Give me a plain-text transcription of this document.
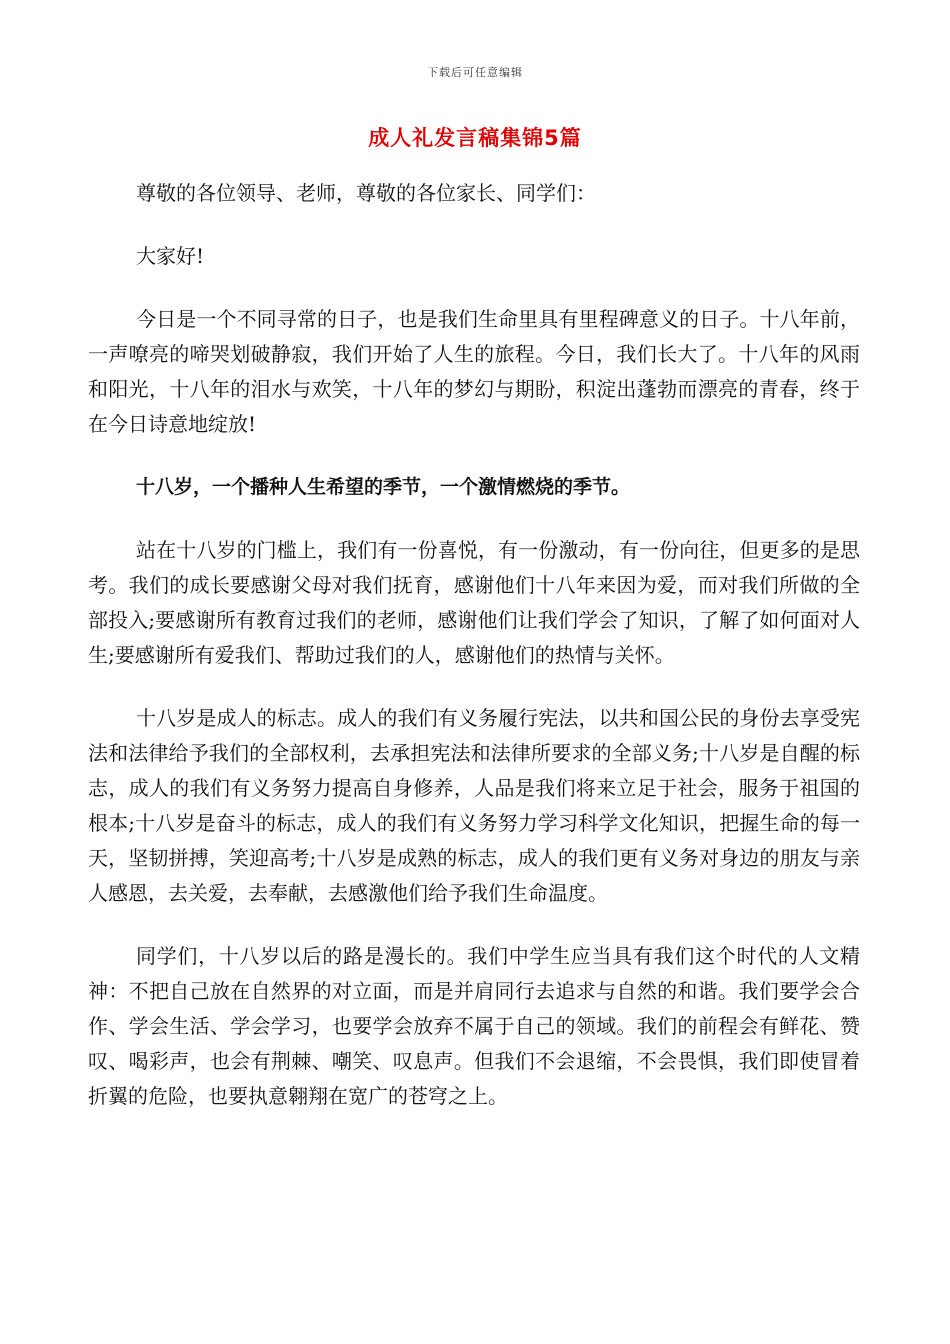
下载后可任意编辑
成人礼发言稿集锦5篇

尊敬的各位领导、老师，尊敬的各位家长、同学们：

大家好!

今日是一个不同寻常的日子，也是我们生命里具有里程碑意义的日子。十八年前，一声嘹亮的啼哭划破静寂，我们开始了人生的旅程。今日，我们长大了。十八年的风雨和阳光，十八年的泪水与欢笑，十八年的梦幻与期盼，积淀出蓬勃而漂亮的青春，终于在今日诗意地绽放!

十八岁，一个播种人生希望的季节，一个激情燃烧的季节。

站在十八岁的门槛上，我们有一份喜悦，有一份激动，有一份向往，但更多的是思考。我们的成长要感谢父母对我们抚育，感谢他们十八年来因为爱，而对我们所做的全部投入;要感谢所有教育过我们的老师，感谢他们让我们学会了知识，了解了如何面对人生;要感谢所有爱我们、帮助过我们的人，感谢他们的热情与关怀。

十八岁是成人的标志。成人的我们有义务履行宪法，以共和国公民的身份去享受宪法和法律给予我们的全部权利，去承担宪法和法律所要求的全部义务;十八岁是自醒的标志，成人的我们有义务努力提高自身修养，人品是我们将来立足于社会，服务于祖国的根本;十八岁是奋斗的标志，成人的我们有义务努力学习科学文化知识，把握生命的每一天，坚韧拼搏，笑迎高考;十八岁是成熟的标志，成人的我们更有义务对身边的朋友与亲人感恩，去关爱，去奉献，去感激他们给予我们生命温度。

同学们，十八岁以后的路是漫长的。我们中学生应当具有我们这个时代的人文精神：不把自己放在自然界的对立面，而是并肩同行去追求与自然的和谐。我们要学会合作、学会生活、学会学习，也要学会放弃不属于自己的领域。我们的前程会有鲜花、赞叹、喝彩声，也会有荆棘、嘲笑、叹息声。但我们不会退缩，不会畏惧，我们即使冒着折翼的危险，也要执意翱翔在宽广的苍穹之上。
